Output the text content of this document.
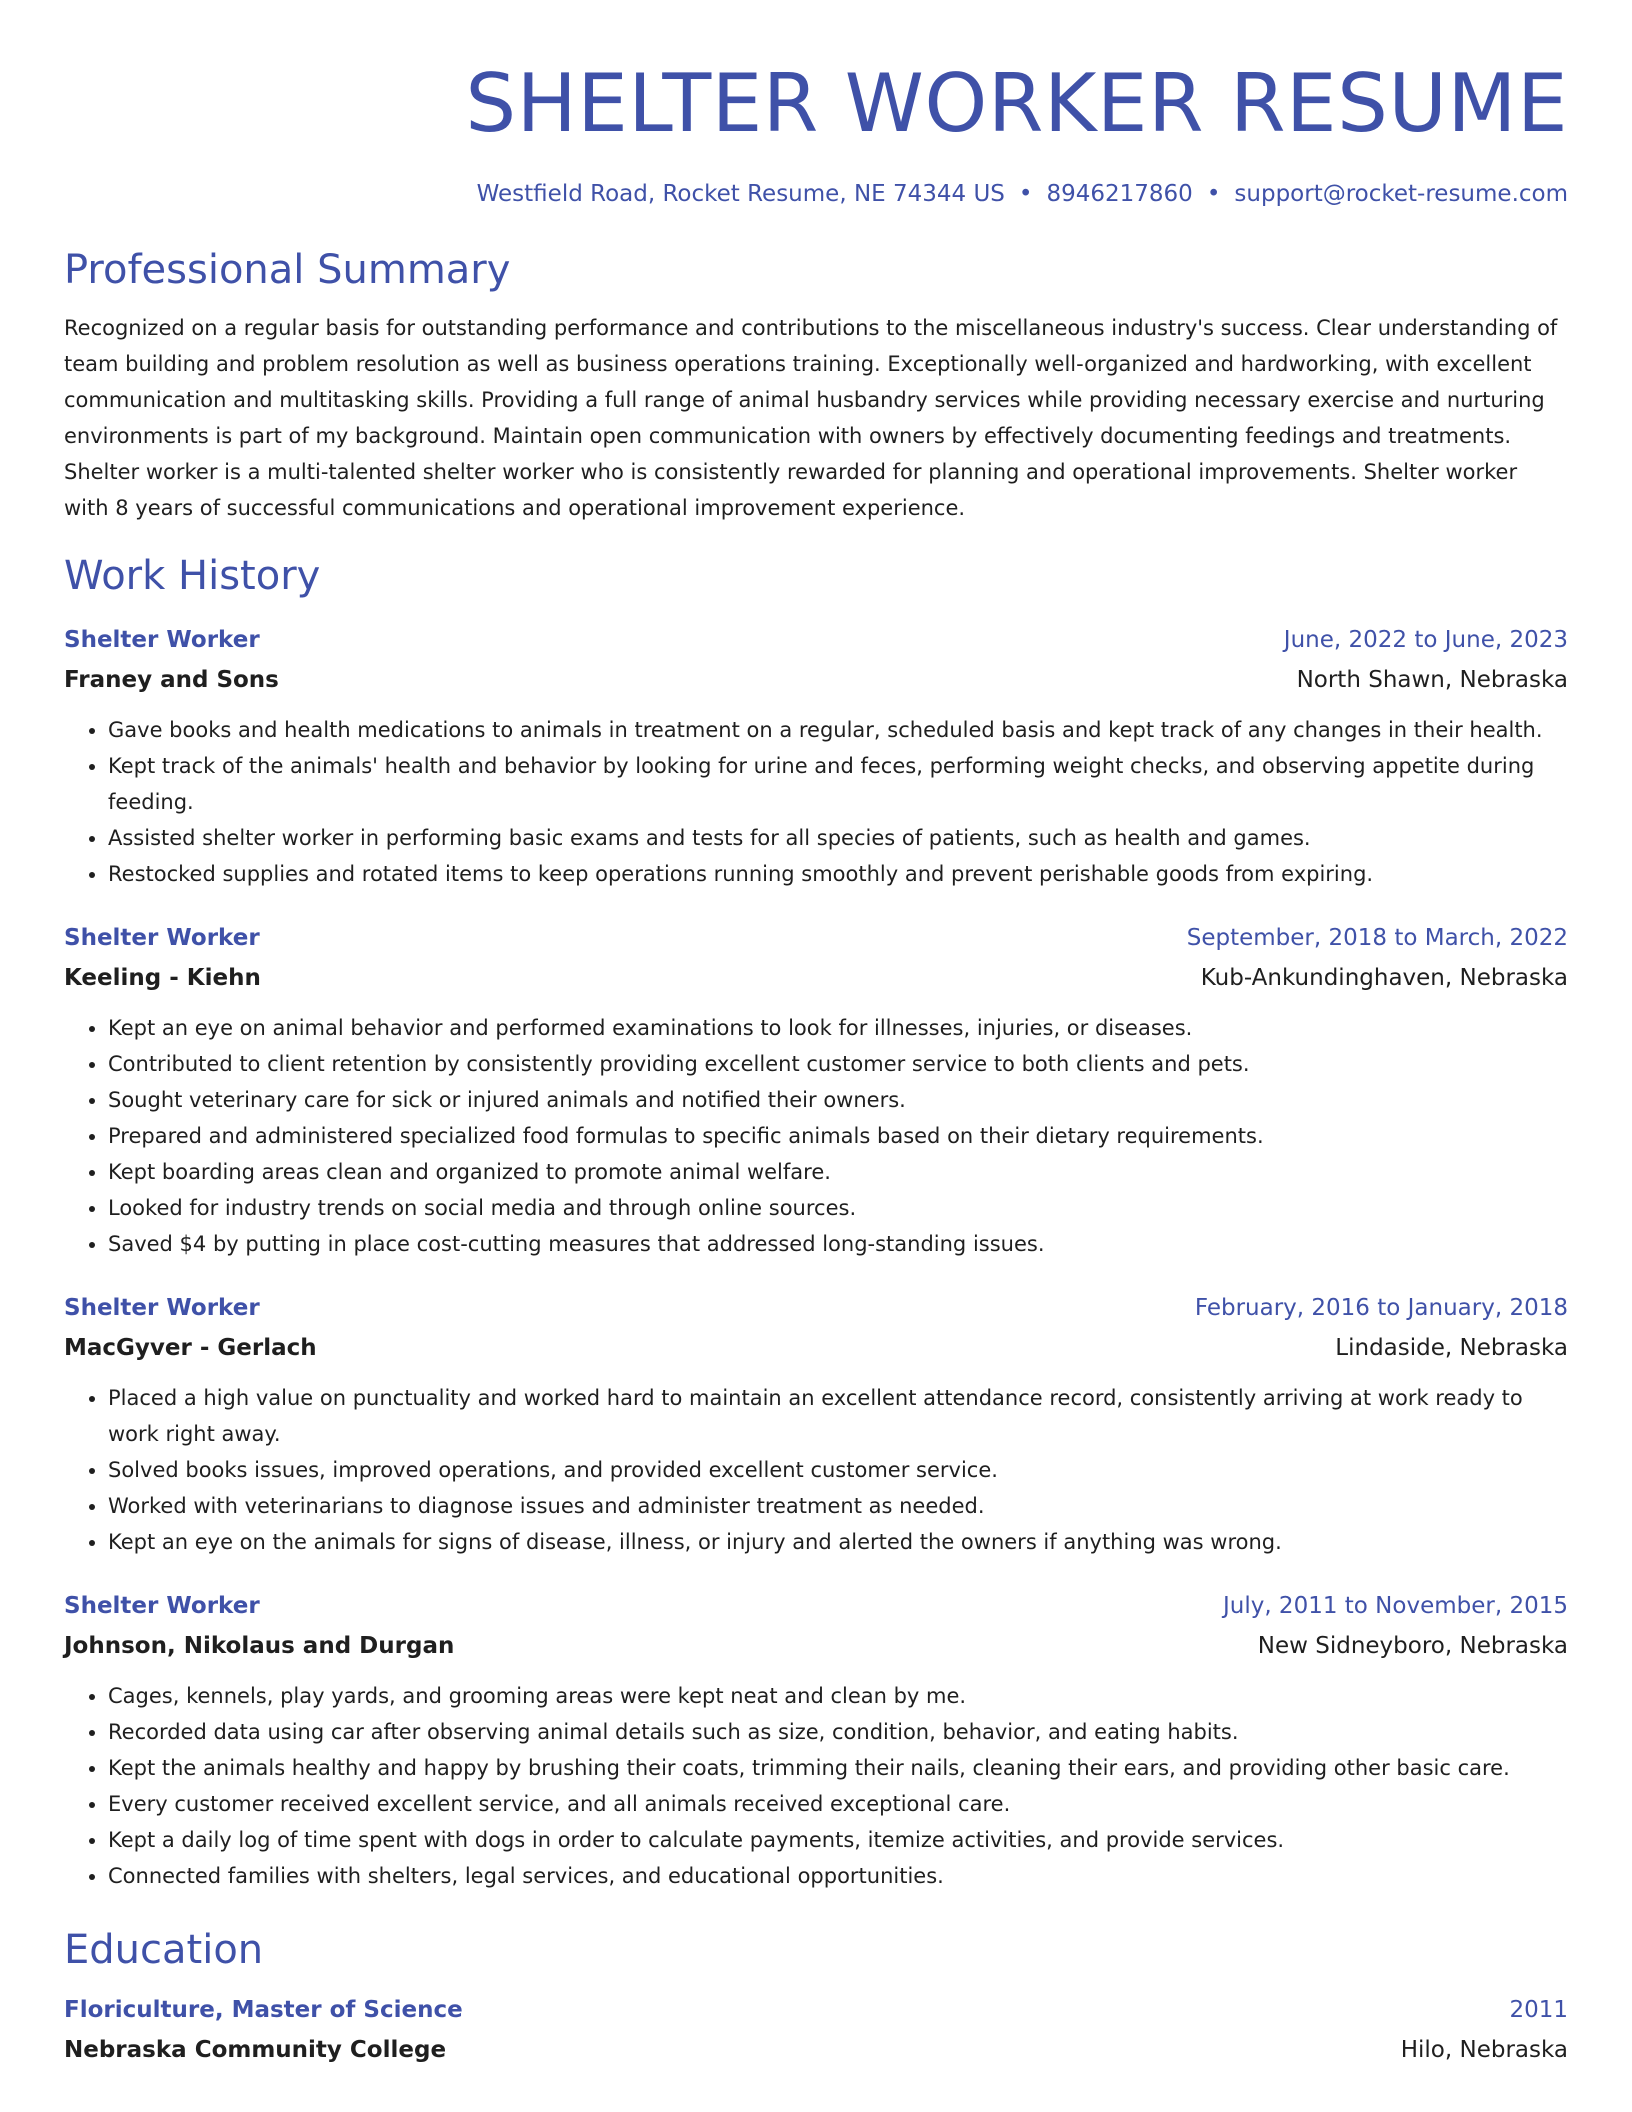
SHELTER WORKER RESUME
Westfield Road, Rocket Resume, NE 74344 US • 8946217860 • support@rocket-resume.com
Professional Summary
Recognized on a regular basis for outstanding performance and contributions to the miscellaneous industry's success. Clear understanding of team building and problem resolution as well as business operations training. Exceptionally well-organized and hardworking, with excellent communication and multitasking skills. Providing a full range of animal husbandry services while providing necessary exercise and nurturing environments is part of my background. Maintain open communication with owners by effectively documenting feedings and treatments. Shelter worker is a multi-talented shelter worker who is consistently rewarded for planning and operational improvements. Shelter worker with 8 years of successful communications and operational improvement experience.
Work History
Shelter Worker	June, 2022 to June, 2023
Franey and Sons	North Shawn, Nebraska
• Gave books and health medications to animals in treatment on a regular, scheduled basis and kept track of any changes in their health.
• Kept track of the animals' health and behavior by looking for urine and feces, performing weight checks, and observing appetite during feeding.
• Assisted shelter worker in performing basic exams and tests for all species of patients, such as health and games.
• Restocked supplies and rotated items to keep operations running smoothly and prevent perishable goods from expiring.
Shelter Worker	September, 2018 to March, 2022
Keeling - Kiehn	Kub-Ankundinghaven, Nebraska
• Kept an eye on animal behavior and performed examinations to look for illnesses, injuries, or diseases.
• Contributed to client retention by consistently providing excellent customer service to both clients and pets.
• Sought veterinary care for sick or injured animals and notified their owners.
• Prepared and administered specialized food formulas to specific animals based on their dietary requirements.
• Kept boarding areas clean and organized to promote animal welfare.
• Looked for industry trends on social media and through online sources.
• Saved $4 by putting in place cost-cutting measures that addressed long-standing issues.
Shelter Worker	February, 2016 to January, 2018
MacGyver - Gerlach	Lindaside, Nebraska
• Placed a high value on punctuality and worked hard to maintain an excellent attendance record, consistently arriving at work ready to work right away.
• Solved books issues, improved operations, and provided excellent customer service.
• Worked with veterinarians to diagnose issues and administer treatment as needed.
• Kept an eye on the animals for signs of disease, illness, or injury and alerted the owners if anything was wrong.
Shelter Worker	July, 2011 to November, 2015
Johnson, Nikolaus and Durgan	New Sidneyboro, Nebraska
• Cages, kennels, play yards, and grooming areas were kept neat and clean by me.
• Recorded data using car after observing animal details such as size, condition, behavior, and eating habits.
• Kept the animals healthy and happy by brushing their coats, trimming their nails, cleaning their ears, and providing other basic care.
• Every customer received excellent service, and all animals received exceptional care.
• Kept a daily log of time spent with dogs in order to calculate payments, itemize activities, and provide services.
• Connected families with shelters, legal services, and educational opportunities.
Education
Floriculture, Master of Science	2011
Nebraska Community College	Hilo, Nebraska
